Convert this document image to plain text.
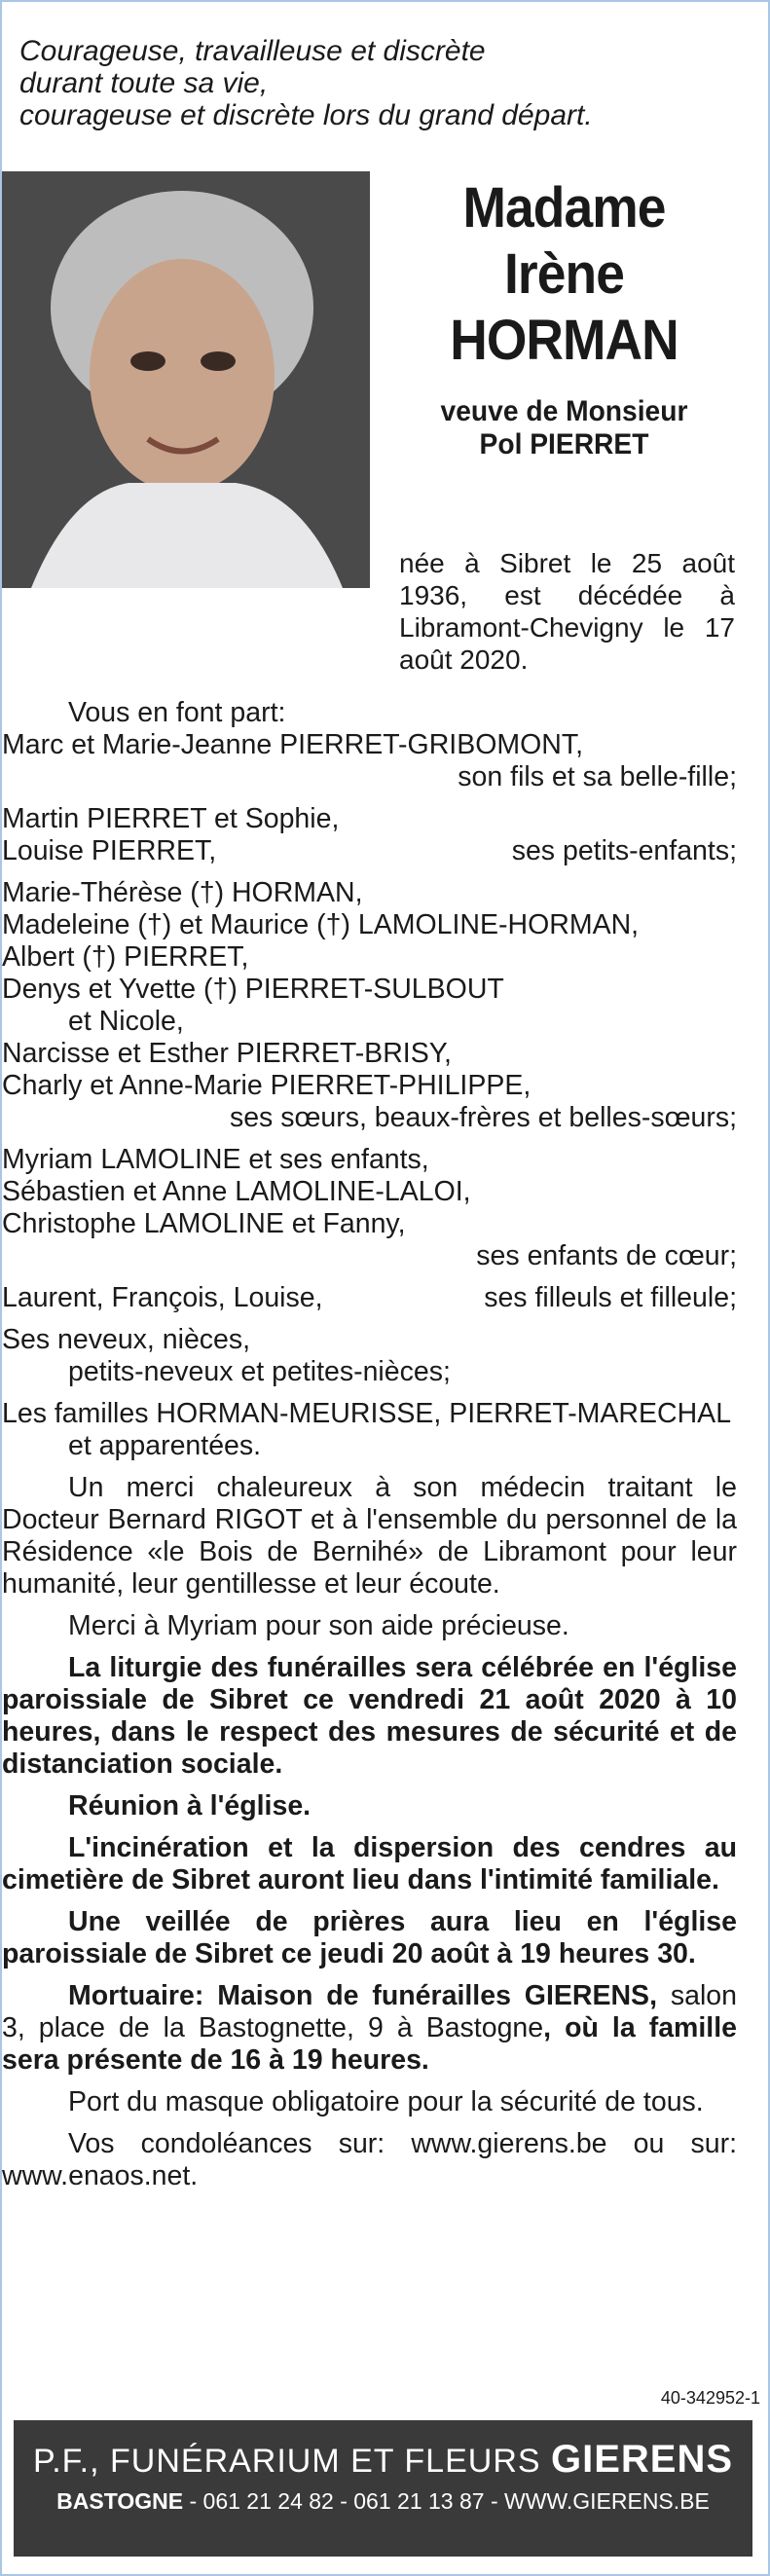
Courageuse, travailleuse et discrète
durant toute sa vie,
courageuse et discrète lors du grand départ.
Madame
Irène
HORMAN
veuve de Monsieur
Pol PIERRET
née à Sibret le 25 août 1936, est décédée à Libramont-Chevigny le 17 août 2020.

Vous en font part:

Marc et Marie-Jeanne PIERRET-GRIBOMONT,

son fils et sa belle-fille;

Martin PIERRET et Sophie,

Louise PIERRET,	ses petits-enfants;

Marie-Thérèse (†) HORMAN,

Madeleine (†) et Maurice (†) LAMOLINE-HORMAN,

Albert (†) PIERRET,

Denys et Yvette (†) PIERRET-SULBOUT

et Nicole,

Narcisse et Esther PIERRET-BRISY,

Charly et Anne-Marie PIERRET-PHILIPPE,

ses sœurs, beaux-frères et belles-sœurs;

Myriam LAMOLINE et ses enfants,

Sébastien et Anne LAMOLINE-LALOI,

Christophe LAMOLINE et Fanny,

ses enfants de cœur;

Laurent, François, Louise,	ses filleuls et filleule;

Ses neveux, nièces,

petits-neveux et petites-nièces;

Les familles HORMAN-MEURISSE, PIERRET-MARECHAL

et apparentées.

Un merci chaleureux à son médecin traitant le Docteur Bernard RIGOT et à l'ensemble du personnel de la Résidence «le Bois de Bernihé» de Libramont pour leur humanité, leur gentillesse et leur écoute.

Merci à Myriam pour son aide précieuse.

La liturgie des funérailles sera célébrée en l'église paroissiale de Sibret ce vendredi 21 août 2020 à 10 heures, dans le respect des mesures de sécurité et de distanciation sociale.

Réunion à l'église.

L'incinération et la dispersion des cendres au cimetière de Sibret auront lieu dans l'intimité familiale.

Une veillée de prières aura lieu en l'église paroissiale de Sibret ce jeudi 20 août à 19 heures 30.

Mortuaire: Maison de funérailles GIERENS, salon 3, place de la Bastognette, 9 à Bastogne, où la famille sera présente de 16 à 19 heures.

Port du masque obligatoire pour la sécurité de tous.

Vos condoléances sur: www.gierens.be ou sur: www.enaos.net.

40-342952-1
P.F., FUNÉRARIUM ET FLEURS GIERENS
BASTOGNE - 061 21 24 82 - 061 21 13 87 - WWW.GIERENS.BE
